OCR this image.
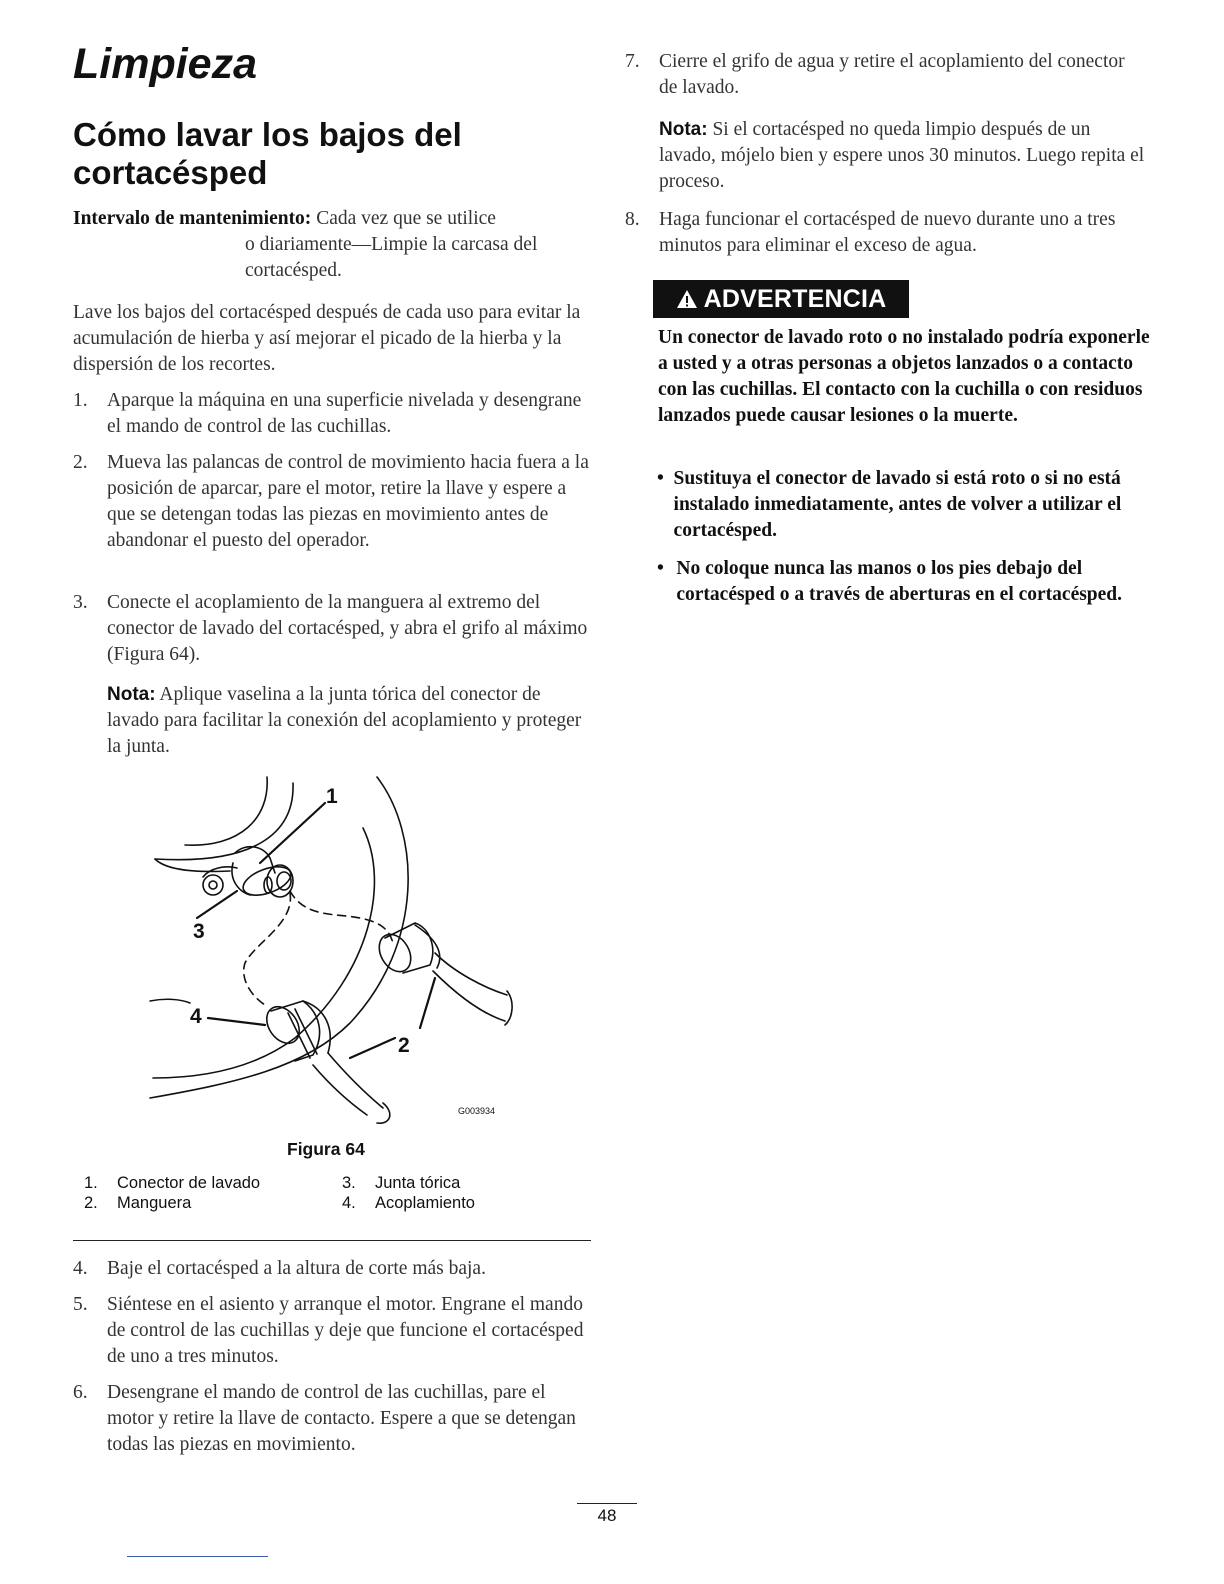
Limpieza
Cómo lavar los bajos del cortacésped
Intervalo de mantenimiento: Cada vez que se utilice
o diariamente—Limpie la carcasa del cortacésped.

Lave los bajos del cortacésped después de cada uso para evitar la acumulación de hierba y así mejorar el picado de la hierba y la dispersión de los recortes.

1. Aparque la máquina en una superficie nivelada y desengrane el mando de control de las cuchillas.
2. Mueva las palancas de control de movimiento hacia fuera a la posición de aparcar, pare el motor, retire la llave y espere a que se detengan todas las piezas en movimiento antes de abandonar el puesto del operador.
3. Conecte el acoplamiento de la manguera al extremo del conector de lavado del cortacésped, y abra el grifo al máximo (Figura 64).

Nota: Aplique vaselina a la junta tórica del conector de lavado para facilitar la conexión del acoplamiento y proteger la junta.

1
3
4
2
G003934

Figura 64

1.	Conector de lavado
2.	Manguera
3.	Junta tórica
4.	Acoplamiento
4. Baje el cortacésped a la altura de corte más baja.
5. Siéntese en el asiento y arranque el motor. Engrane el mando de control de las cuchillas y deje que funcione el cortacésped de uno a tres minutos.
6. Desengrane el mando de control de las cuchillas, pare el motor y retire la llave de contacto. Espere a que se detengan todas las piezas en movimiento.
7. Cierre el grifo de agua y retire el acoplamiento del conector de lavado.

Nota: Si el cortacésped no queda limpio después de un lavado, mójelo bien y espere unos 30 minutos. Luego repita el proceso.

8. Haga funcionar el cortacésped de nuevo durante uno a tres minutos para eliminar el exceso de agua.
ADVERTENCIA

Un conector de lavado roto o no instalado podría exponerle a usted y a otras personas a objetos lanzados o a contacto con las cuchillas. El contacto con la cuchilla o con residuos lanzados puede causar lesiones o la muerte.

• Sustituya el conector de lavado si está roto o si no está instalado inmediatamente, antes de volver a utilizar el cortacésped.
• No coloque nunca las manos o los pies debajo del cortacésped o a través de aberturas en el cortacésped.
48
